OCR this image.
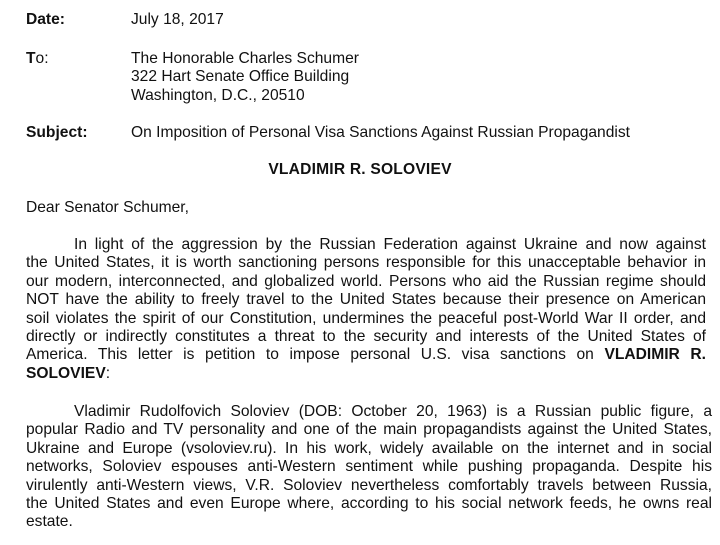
Date:	July 18, 2017
To:	The Honorable Charles Schumer
322 Hart Senate Office Building
Washington, D.C., 20510
Subject:	On Imposition of Personal Visa Sanctions Against Russian Propagandist
VLADIMIR R. SOLOVIEV
Dear Senator Schumer,
In light of the aggression by the Russian Federation against Ukraine and now against
the United States, it is worth sanctioning persons responsible for this unacceptable behavior in
our modern, interconnected, and globalized world. Persons who aid the Russian regime should
NOT have the ability to freely travel to the United States because their presence on American
soil violates the spirit of our Constitution, undermines the peaceful post-World War II order, and
directly or indirectly constitutes a threat to the security and interests of the United States of
America. This letter is petition to impose personal U.S. visa sanctions on VLADIMIR R.
SOLOVIEV:
Vladimir Rudolfovich Soloviev (DOB: October 20, 1963) is a Russian public figure, a
popular Radio and TV personality and one of the main propagandists against the United States,
Ukraine and Europe (vsoloviev.ru). In his work, widely available on the internet and in social
networks, Soloviev espouses anti-Western sentiment while pushing propaganda. Despite his
virulently anti-Western views, V.R. Soloviev nevertheless comfortably travels between Russia,
the United States and even Europe where, according to his social network feeds, he owns real
estate.
